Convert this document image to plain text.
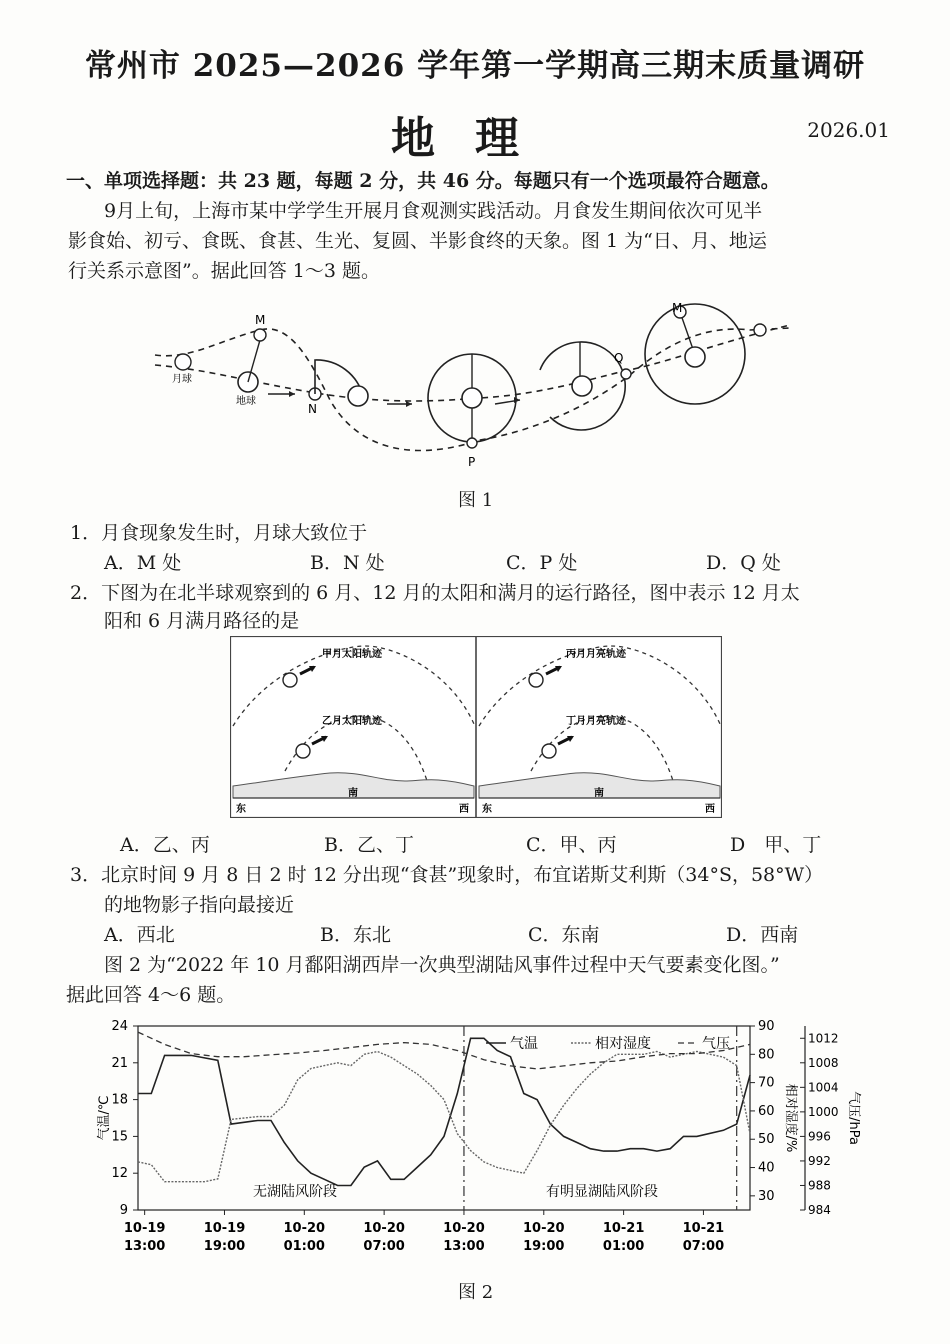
常州市 2025—2026 学年第一学期高三期末质量调研
地理	2026.01
一、单项选择题：共 23 题，每题 2 分，共 46 分。每题只有一个选项最符合题意。
9月上旬，上海市某中学学生开展月食观测实践活动。月食发生期间依次可见半
影食始、初亏、食既、食甚、生光、复圆、半影食终的天象。图 1 为“日、月、地运
行关系示意图”。据此回答 1～3 题。
月球
M
地球
N
P
Q
M
图 1
1．月食现象发生时，月球大致位于
A．M 处	B．N 处	C．P 处	D．Q 处
2．下图为在北半球观察到的 6 月、12 月的太阳和满月的运行路径，图中表示 12 月太
阳和 6 月满月路径的是
甲月太阳轨迹
乙月太阳轨迹
东
南
西
丙月月亮轨迹
丁月月亮轨迹
东
南
西
A．乙、丙	B．乙、丁	C．甲、丙	D　甲、丁
3．北京时间 9 月 8 日 2 时 12 分出现“食甚”现象时，布宜诺斯艾利斯（34°S，58°W）
的地物影子指向最接近
A．西北	B．东北	C．东南	D．西南
图 2 为“2022 年 10 月鄱阳湖西岸一次典型湖陆风事件过程中天气要素变化图。”
据此回答 4～6 题。
9
12
15
18
21
24
30
40
50
60
70
80
90
984
988
992
996
1000
1004
1008
1012
气温/℃	相对湿度/%	气压/hPa
10-19
13:00
10-19
19:00
10-20
01:00
10-20
07:00
10-20
13:00
10-20
19:00
10-21
01:00
10-21
07:00
气温	相对湿度	气压
无湖陆风阶段	有明显湖陆风阶段
图 2
